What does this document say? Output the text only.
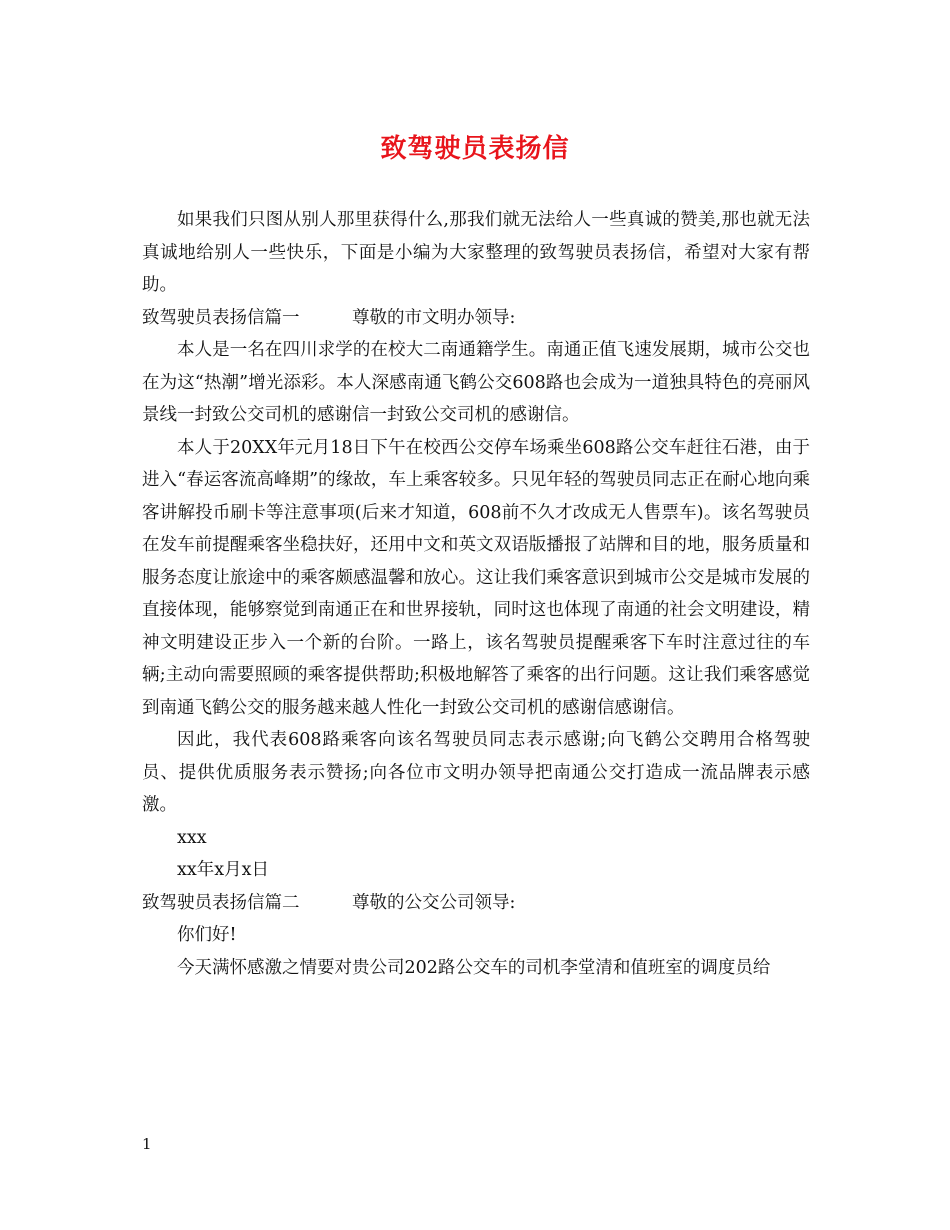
致驾驶员表扬信

如果我们只图从别人那里获得什么,那我们就无法给人一些真诚的赞美,那也就无法真诚地给别人一些快乐，下面是小编为大家整理的致驾驶员表扬信，希望对大家有帮助。

致驾驶员表扬信篇一	尊敬的市文明办领导:

本人是一名在四川求学的在校大二南通籍学生。南通正值飞速发展期，城市公交也在为这“热潮”增光添彩。本人深感南通飞鹤公交608路也会成为一道独具特色的亮丽风景线一封致公交司机的感谢信一封致公交司机的感谢信。

本人于20XX年元月18日下午在校西公交停车场乘坐608路公交车赶往石港，由于进入“春运客流高峰期”的缘故，车上乘客较多。只见年轻的驾驶员同志正在耐心地向乘客讲解投币刷卡等注意事项(后来才知道，608前不久才改成无人售票车)。该名驾驶员在发车前提醒乘客坐稳扶好，还用中文和英文双语版播报了站牌和目的地，服务质量和服务态度让旅途中的乘客颇感温馨和放心。这让我们乘客意识到城市公交是城市发展的直接体现，能够察觉到南通正在和世界接轨，同时这也体现了南通的社会文明建设，精神文明建设正步入一个新的台阶。一路上，该名驾驶员提醒乘客下车时注意过往的车辆;主动向需要照顾的乘客提供帮助;积极地解答了乘客的出行问题。这让我们乘客感觉到南通飞鹤公交的服务越来越人性化一封致公交司机的感谢信感谢信。

因此，我代表608路乘客向该名驾驶员同志表示感谢;向飞鹤公交聘用合格驾驶员、提供优质服务表示赞扬;向各位市文明办领导把南通公交打造成一流品牌表示感激。

xxx

xx年x月x日

致驾驶员表扬信篇二	尊敬的公交公司领导:

你们好!

今天满怀感激之情要对贵公司202路公交车的司机李堂清和值班室的调度员给

1
